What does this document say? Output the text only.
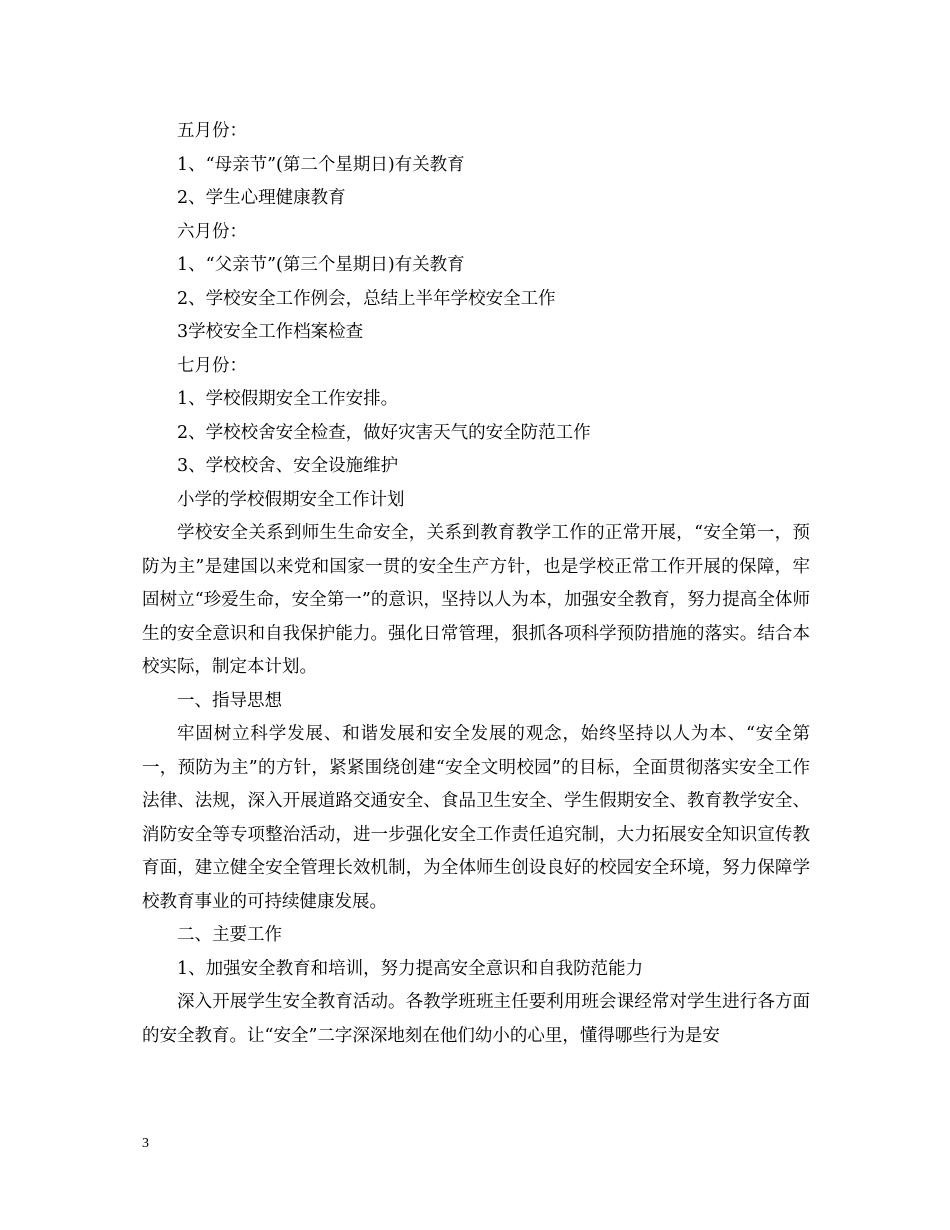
五月份：

1、“母亲节”(第二个星期日)有关教育

2、学生心理健康教育

六月份：

1、“父亲节”(第三个星期日)有关教育

2、学校安全工作例会，总结上半年学校安全工作

3学校安全工作档案检查

七月份：

1、学校假期安全工作安排。

2、学校校舍安全检查，做好灾害天气的安全防范工作

3、学校校舍、安全设施维护

小学的学校假期安全工作计划

学校安全关系到师生生命安全，关系到教育教学工作的正常开展，“安全第一，预防为主”是建国以来党和国家一贯的安全生产方针，也是学校正常工作开展的保障，牢固树立“珍爱生命，安全第一”的意识，坚持以人为本，加强安全教育，努力提高全体师生的安全意识和自我保护能力。强化日常管理，狠抓各项科学预防措施的落实。结合本校实际，制定本计划。

一、指导思想

牢固树立科学发展、和谐发展和安全发展的观念，始终坚持以人为本、“安全第一，预防为主”的方针，紧紧围绕创建“安全文明校园”的目标，全面贯彻落实安全工作法律、法规，深入开展道路交通安全、食品卫生安全、学生假期安全、教育教学安全、消防安全等专项整治活动，进一步强化安全工作责任追究制，大力拓展安全知识宣传教育面，建立健全安全管理长效机制，为全体师生创设良好的校园安全环境，努力保障学校教育事业的可持续健康发展。

二、主要工作

1、加强安全教育和培训，努力提高安全意识和自我防范能力

深入开展学生安全教育活动。各教学班班主任要利用班会课经常对学生进行各方面的安全教育。让“安全”二字深深地刻在他们幼小的心里，懂得哪些行为是安

3
